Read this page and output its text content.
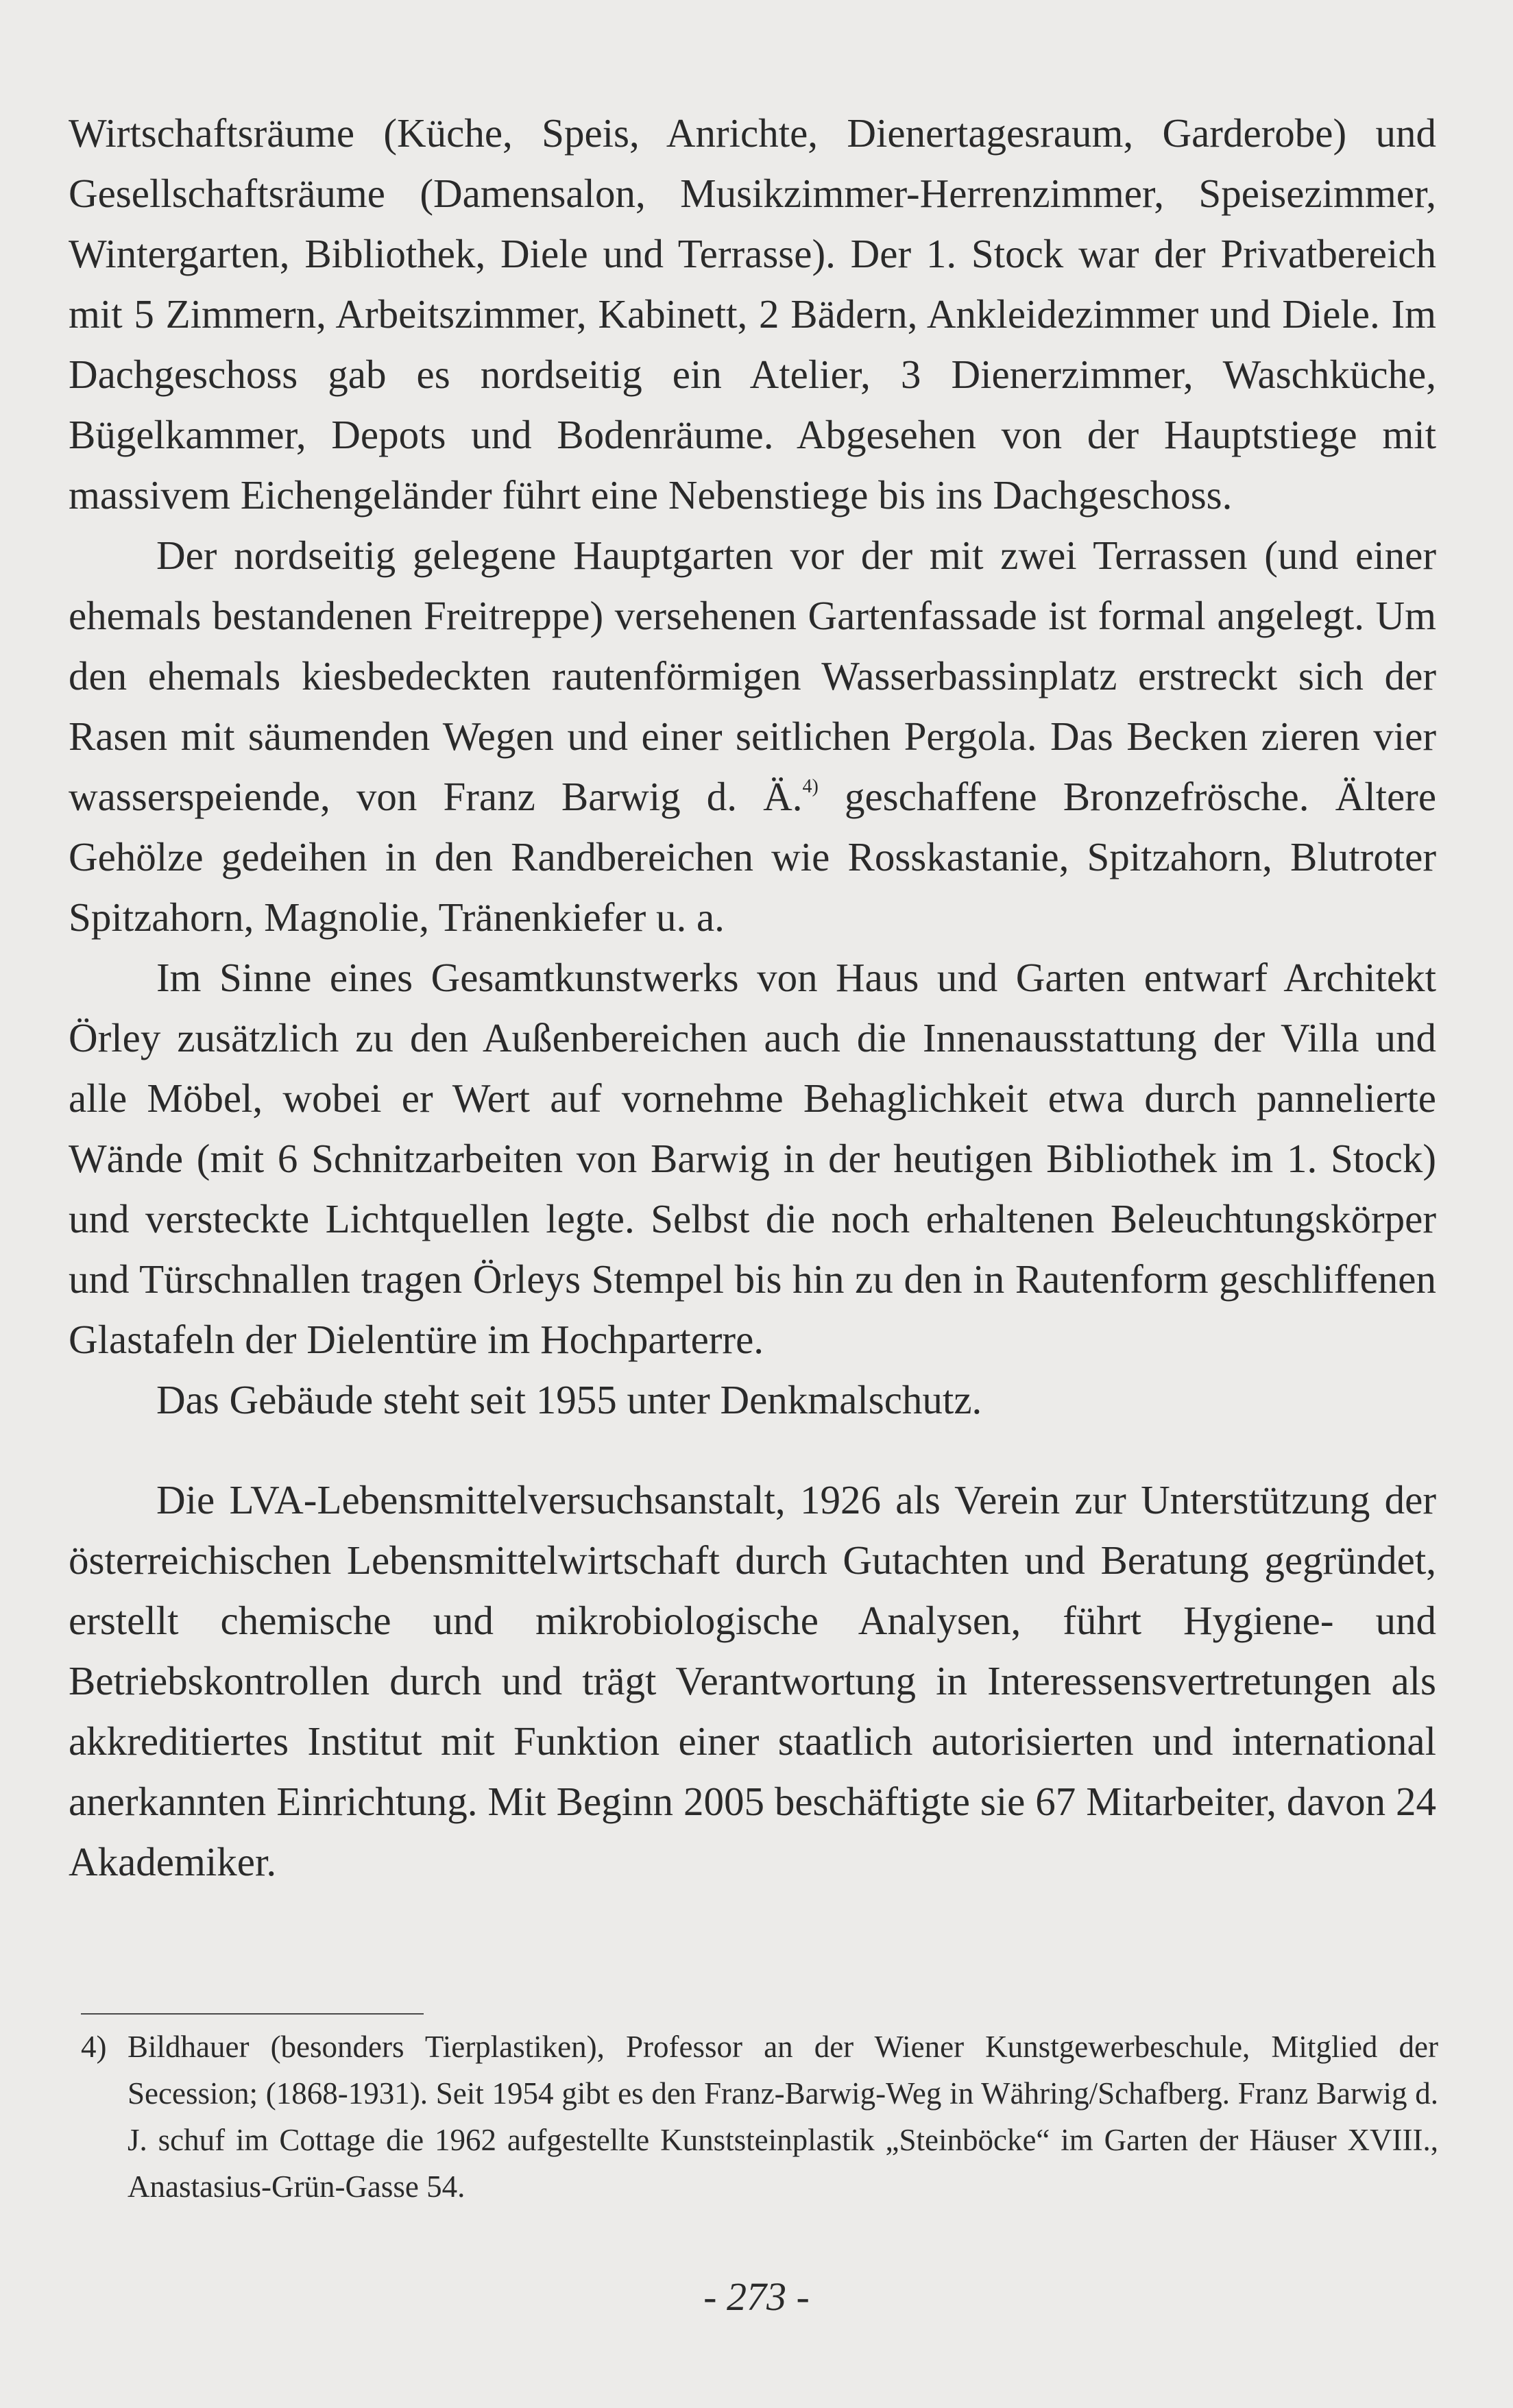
Wirtschaftsräume (Küche, Speis, Anrichte, Dienertagesraum, Garderobe) und Gesellschaftsräume (Damensalon, Musikzimmer-Herrenzimmer, Speisezimmer, Wintergarten, Bibliothek, Diele und Terrasse). Der 1. Stock war der Privatbereich mit 5 Zimmern, Arbeitszimmer, Kabinett, 2 Bädern, Ankleidezimmer und Diele. Im Dachgeschoss gab es nordseitig ein Atelier, 3 Dienerzimmer, Waschküche, Bügelkammer, Depots und Bodenräume. Abgesehen von der Hauptstiege mit massivem Eichengeländer führt eine Nebenstiege bis ins Dachgeschoss.

Der nordseitig gelegene Hauptgarten vor der mit zwei Terrassen (und einer ehemals bestandenen Freitreppe) versehenen Gartenfassade ist formal angelegt. Um den ehemals kiesbedeckten rautenförmigen Wasserbassinplatz erstreckt sich der Rasen mit säumenden Wegen und einer seitlichen Pergola. Das Becken zieren vier wasserspeiende, von Franz Barwig d. Ä.$^{4)}$ geschaffene Bronzefrösche. Ältere Gehölze gedeihen in den Randbereichen wie Rosskastanie, Spitzahorn, Blutroter Spitzahorn, Magnolie, Tränenkiefer u. a.

Im Sinne eines Gesamtkunstwerks von Haus und Garten entwarf Architekt Örley zusätzlich zu den Außenbereichen auch die Innenausstattung der Villa und alle Möbel, wobei er Wert auf vornehme Behaglichkeit etwa durch pannelierte Wände (mit 6 Schnitzarbeiten von Barwig in der heutigen Bibliothek im 1. Stock) und versteckte Lichtquellen legte. Selbst die noch erhaltenen Beleuchtungskörper und Türschnallen tragen Örleys Stempel bis hin zu den in Rautenform geschliffenen Glastafeln der Dielentüre im Hochparterre.

Das Gebäude steht seit 1955 unter Denkmalschutz.

Die LVA-Lebensmittelversuchsanstalt, 1926 als Verein zur Unterstützung der österreichischen Lebensmittelwirtschaft durch Gutachten und Beratung gegründet, erstellt chemische und mikrobiologische Analysen, führt Hygiene- und Betriebskontrollen durch und trägt Verantwortung in Interessensvertretungen als akkreditiertes Institut mit Funktion einer staatlich autorisierten und international anerkannten Einrichtung. Mit Beginn 2005 beschäftigte sie 67 Mitarbeiter, davon 24 Akademiker.

4) Bildhauer (besonders Tierplastiken), Professor an der Wiener Kunstgewerbeschule, Mitglied der Secession; (1868-1931). Seit 1954 gibt es den Franz-Barwig-Weg in Währing/Schafberg. Franz Barwig d. J. schuf im Cottage die 1962 aufgestellte Kunststeinplastik „Steinböcke“ im Garten der Häuser XVIII., Anastasius-Grün-Gasse 54.
- 273 -
